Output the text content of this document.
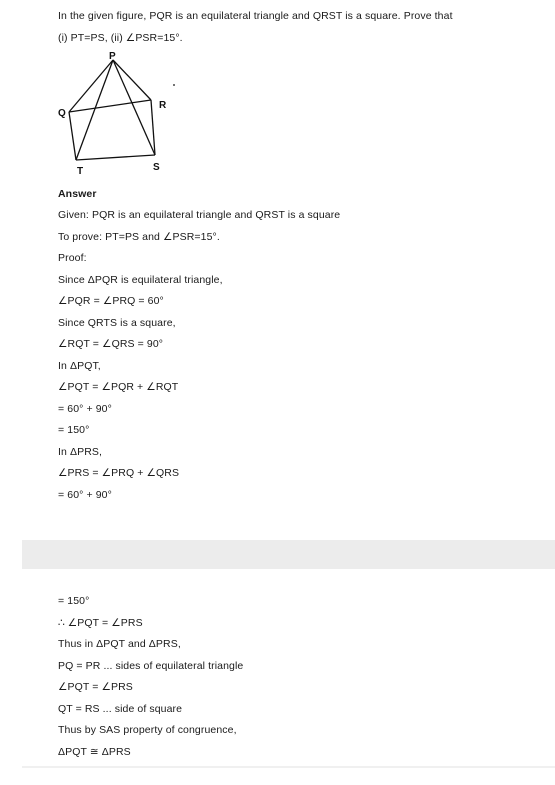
In the given figure, PQR is an equilateral triangle and QRST is a square. Prove that
(i) PT=PS, (ii) ∠PSR=15°.
P
Q
R
S
T
Answer
Given: PQR is an equilateral triangle and QRST is a square
To prove: PT=PS and ∠PSR=15°.
Proof:
Since ΔPQR is equilateral triangle,
∠PQR = ∠PRQ = 60°
Since QRTS is a square,
∠RQT = ∠QRS = 90°
In ΔPQT,
∠PQT = ∠PQR + ∠RQT
= 60° + 90°
= 150°
In ΔPRS,
∠PRS = ∠PRQ + ∠QRS
= 60° + 90°
= 150°
∴ ∠PQT = ∠PRS
Thus in ΔPQT and ΔPRS,
PQ = PR ... sides of equilateral triangle
∠PQT = ∠PRS
QT = RS ... side of square
Thus by SAS property of congruence,
ΔPQT ≅ ΔPRS
